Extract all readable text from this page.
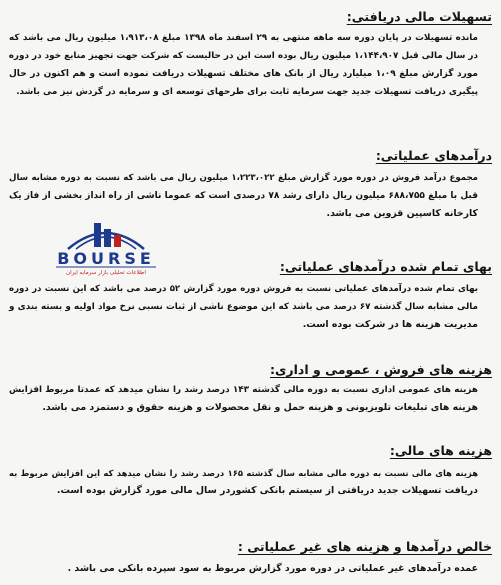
تسهیلات مالی دریافتی:
مانده تسهیلات در پایان دوره سه ماهه منتهی به ۲۹ اسفند ماه ۱۳۹۸ مبلغ ۱،۹۱۳،۰۸ میلیون ریال می باشد که
در سال مالی قبل ۱،۱۴۴،۹۰۷ میلیون ریال بوده است این در حالیست که شرکت جهت تجهیز منابع خود در دوره
مورد گزارش مبلغ ۱،۰۹ میلیارد ریال از بانک های مختلف تسهیلات دریافت نموده است و هم اکنون در حال
پیگیری دریافت تسهیلات جدید جهت سرمایه ثابت برای طرحهای توسعه ای و سرمایه در گردش نیز می باشد.
درآمدهای عملیاتی:
مجموع درآمد فروش در دوره مورد گزارش مبلغ ۱،۲۲۳،۰۲۲ میلیون ریال می باشد که نسبت به دوره مشابه سال
قبل با مبلغ ۶۸۸،۷۵۵ میلیون ریال دارای رشد ۷۸ درصدی است که عموما ناشی از راه انداز بخشی از فاز یک
کارخانه کاسپین قزوین می باشد.
بهای تمام شده درآمدهای عملیاتی:
بهای تمام شده درآمدهای عملیاتی نسبت به فروش دوره مورد گزارش ۵۲ درصد می باشد که این نسبت در دوره
مالی مشابه سال گذشته ۶۷ درصد می باشد که این موضوع ناشی از ثبات نسبی نرخ مواد اولیه و بسته بندی و
مدیریت هزینه ها در شرکت بوده است.
هزینه های فروش ، عمومی و اداری:
هزینه های عمومی اداری نسبت به دوره مالی گذشته ۱۴۳ درصد رشد را نشان میدهد که عمدتا مربوط افزایش
هزینه های تبلیغات تلویزیونی و هزینه حمل و نقل محصولات و هزینه حقوق و دستمزد می باشد.
هزینه های مالی:
هزینه های مالی نسبت به دوره مالی مشابه سال گذشته ۱۶۵ درصد رشد را نشان میدهد که این افزایش مربوط به
دریافت تسهیلات جدید دریافتی از سیستم بانکی کشوردر سال مالی مورد گزارش بوده است.
خالص درآمدها و هزینه های غیر عملیاتی :
عمده درآمدهای غیر عملیاتی در دوره مورد گزارش مربوط به سود سپرده بانکی می باشد .
BOURSE
اطلاعات تحلیلی بازار سرمایه ایران
